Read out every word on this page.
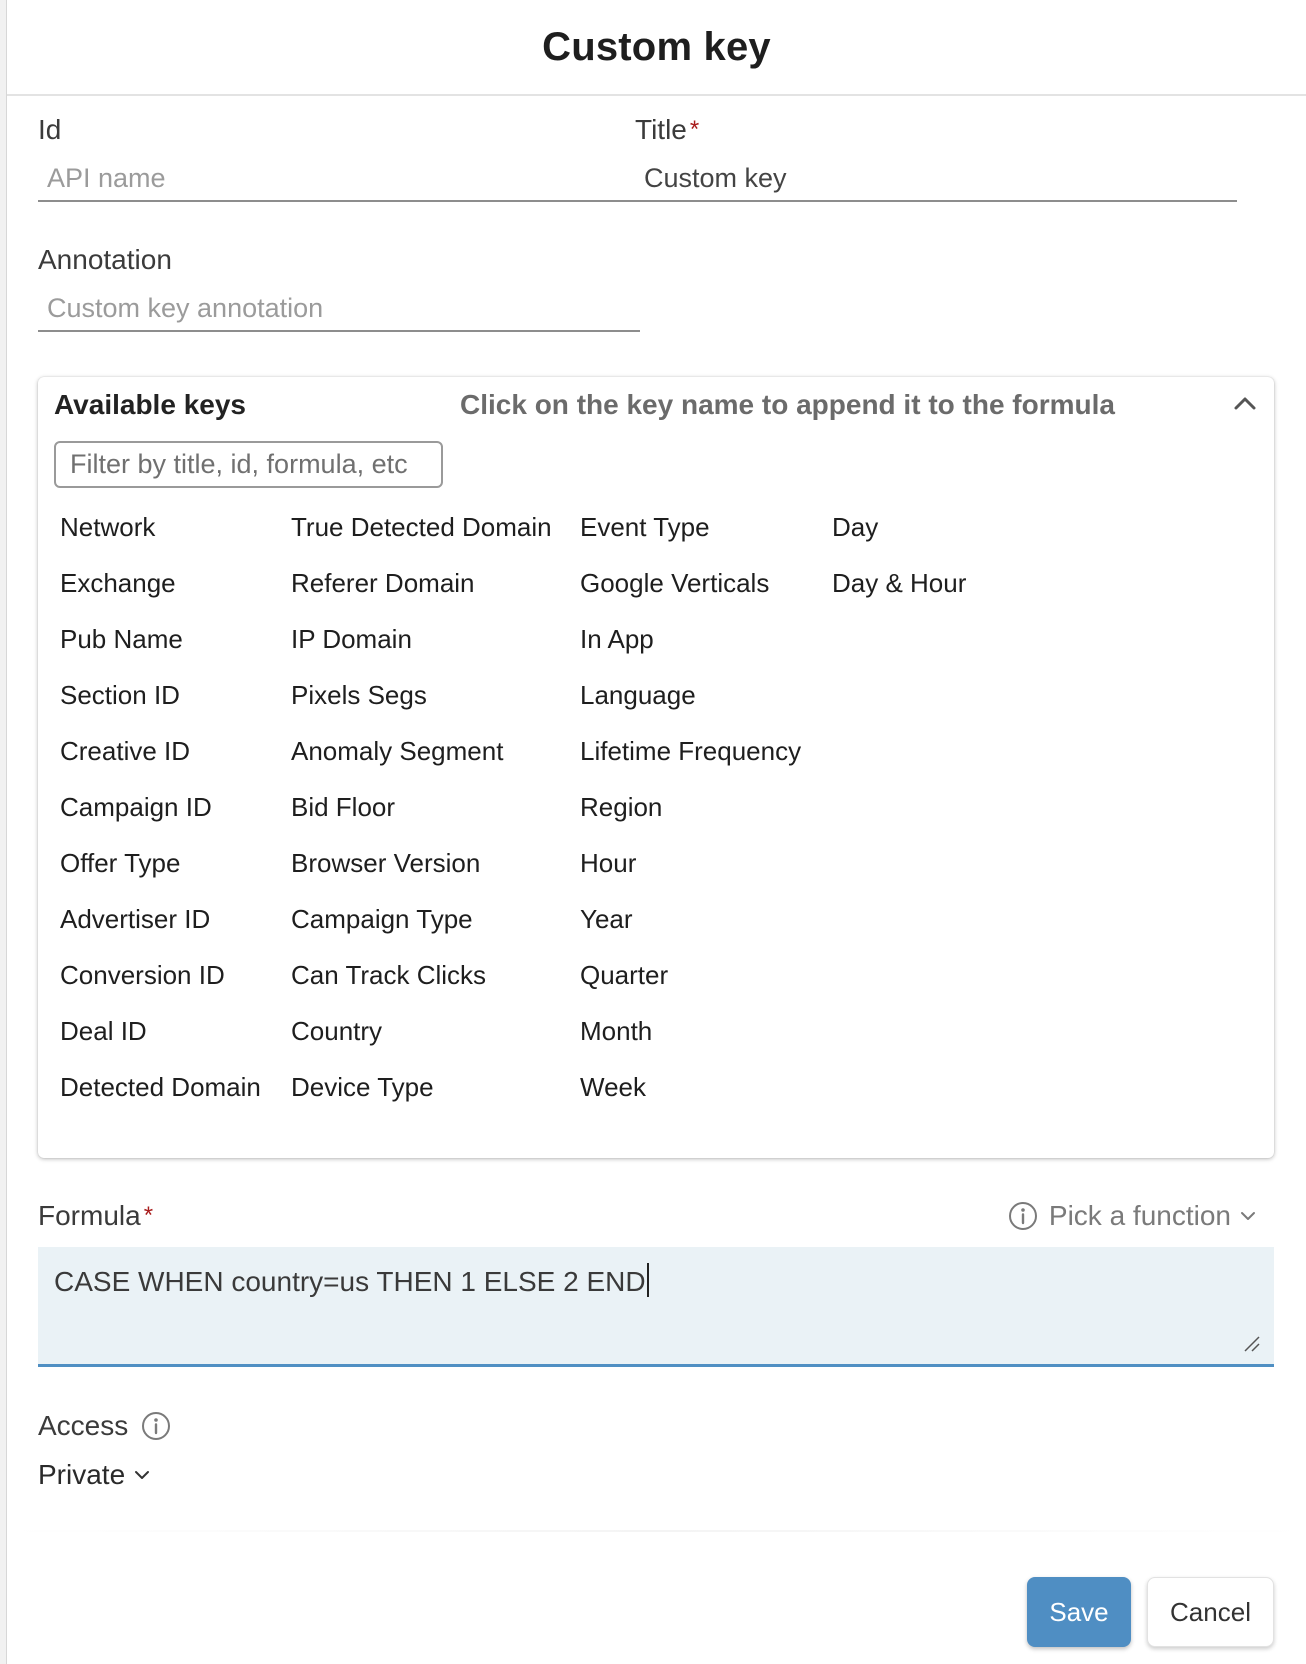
Custom key
Id
API name	Title *
Custom key
Annotation
Custom key annotation
Available keys	Click on the key name to append it to the formula
Filter by title, id, formula, etc
Network
Exchange
Pub Name
Section ID
Creative ID
Campaign ID
Offer Type
Advertiser ID
Conversion ID
Deal ID
Detected Domain
True Detected Domain
Referer Domain
IP Domain
Pixels Segs
Anomaly Segment
Bid Floor
Browser Version
Campaign Type
Can Track Clicks
Country
Device Type
Event Type
Google Verticals
In App
Language
Lifetime Frequency
Region
Hour
Year
Quarter
Month
Week
Day
Day & Hour
Formula *	Pick a function
CASE WHEN country=us THEN 1 ELSE 2 END
Access
Private
Save	Cancel
